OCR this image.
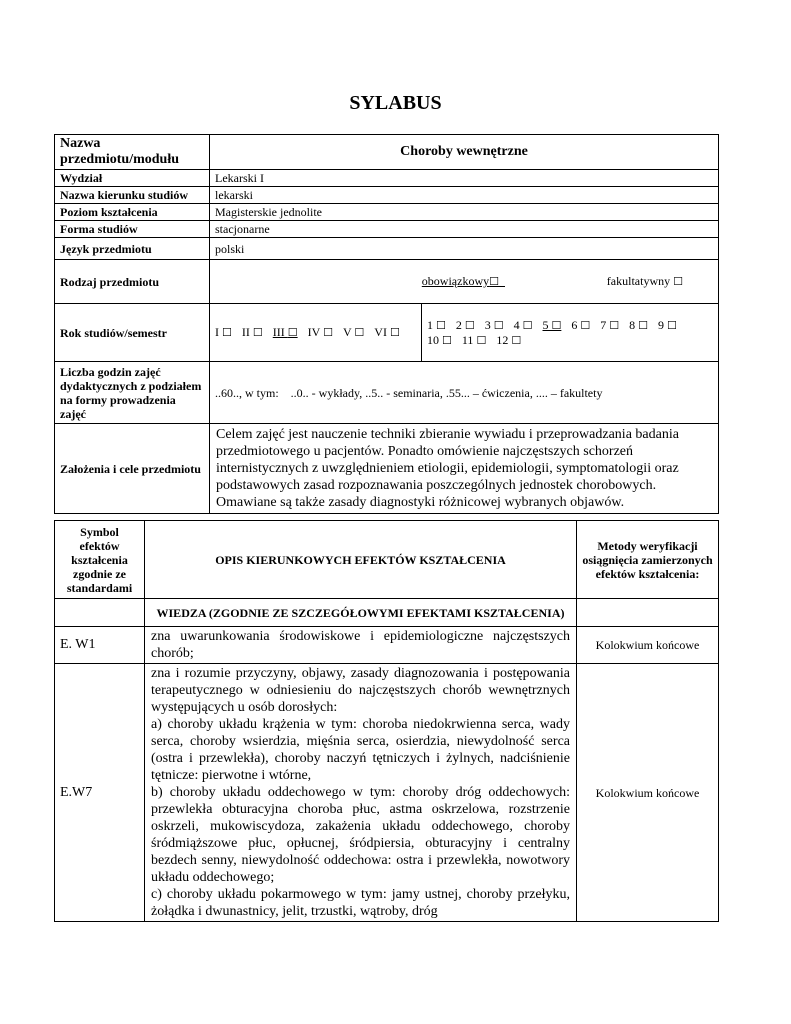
SYLABUS
Nazwa przedmiotu/modułu	Choroby wewnętrzne	
Wydział	Lekarski I	
Nazwa kierunku studiów	lekarski	
Poziom kształcenia	Magisterskie jednolite	
Forma studiów	stacjonarne	
Język przedmiotu	polski	
Rodzaj przedmiotu	obowiązkowy☐ fakultatywny ☐	
Rok studiów/semestr	I ☐ II ☐ III ☐ IV ☐ V ☐ VI ☐	1 ☐ 2 ☐ 3 ☐ 4 ☐ 5 ☐ 6 ☐ 7 ☐ 8 ☐ 9 ☐
10 ☐ 11 ☐ 12 ☐
Liczba godzin zajęć dydaktycznych z podziałem na formy prowadzenia zajęć	..60.., w tym:    ..0.. - wykłady, ..5.. - seminaria, .55... – ćwiczenia, .... – fakultety	
Założenia i cele przedmiotu	Celem zajęć jest nauczenie techniki zbieranie wywiadu i przeprowadzania badania przedmiotowego u pacjentów. Ponadto omówienie najczęstszych schorzeń internistycznych z uwzględnieniem etiologii, epidemiologii, symptomatologii oraz podstawowych zasad rozpoznawania poszczególnych jednostek chorobowych. Omawiane są także zasady diagnostyki różnicowej wybranych objawów.	
Symbol efektów kształcenia zgodnie ze standardami	OPIS KIERUNKOWYCH EFEKTÓW KSZTAŁCENIA	Metody weryfikacji osiągnięcia zamierzonych efektów kształcenia:
	WIEDZA (ZGODNIE ZE SZCZEGÓŁOWYMI EFEKTAMI KSZTAŁCENIA)	
E. W1	zna uwarunkowania środowiskowe i epidemiologiczne najczęstszych chorób;	Kolokwium końcowe
E.W7	zna i rozumie przyczyny, objawy, zasady diagnozowania i postępowania terapeutycznego w odniesieniu do najczęstszych chorób wewnętrznych występujących u osób dorosłych:
a) choroby układu krążenia w tym: choroba niedokrwienna serca, wady serca, choroby wsierdzia, mięśnia serca, osierdzia, niewydolność serca (ostra i przewlekła), choroby naczyń tętniczych i żylnych, nadciśnienie tętnicze: pierwotne i wtórne,
b) choroby układu oddechowego w tym: choroby dróg oddechowych: przewlekła obturacyjna choroba płuc, astma oskrzelowa, rozstrzenie oskrzeli, mukowiscydoza, zakażenia układu oddechowego, choroby śródmiąższowe płuc, opłucnej, śródpiersia, obturacyjny i centralny bezdech senny, niewydolność oddechowa: ostra i przewlekła, nowotwory układu oddechowego;
c) choroby układu pokarmowego w tym: jamy ustnej, choroby przełyku, żołądka i dwunastnicy, jelit, trzustki, wątroby, dróg	Kolokwium końcowe
